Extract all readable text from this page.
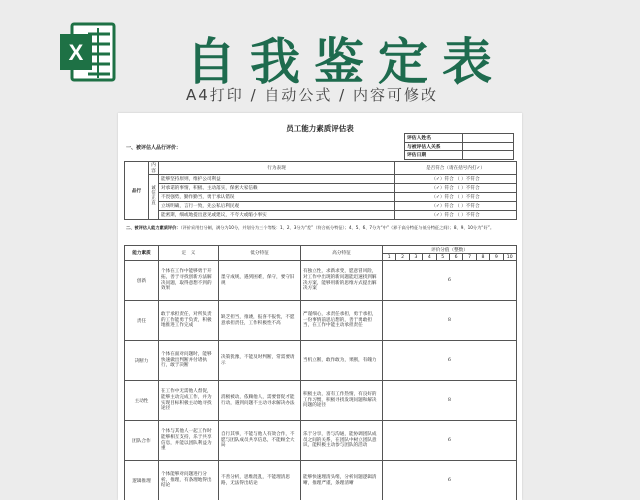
X 自我鉴定表
A4打印 / 自动公式 / 内容可修改
员工能力素质评估表
评估人姓名	
与被评估人关系	
评估日期	
一、被评估人品行评价：
品行	内容	行为表现	是否符合（请在括号内打✓）
	诚信正直	能够坚持原则，维护公司利益	（✓）符合 （ ）不符合
		对承诺的事情，积极、主动落实，保密大家信赖	（✓）符合 （ ）不符合
		不畏强势，勤作勤当，勇于承认错误	（✓）符合 （ ）不符合
		立场明确，言行一致，先公私后利民观	（✓）符合 （ ）不符合
		能密斯，细或地提出意见或建议，不夸大或缩小事实	（✓）符合 （ ）不符合
二、被评估人能力素质评价：（评价采用打分制，满分为10分，并划分为三个等级：1、2、3分为“差”（符合低分特征）；4、5、6、7分为“中”（界于高分特征与低分特征之间）；8、9、10分为“好”。
能力素质	定　义	低分特征	高分特征	评价分值（整数）									
				1	2	3	4	5	6	7	8	9	10
创新	个体在工作中能够勇于开拓，善于寻找创新方法解决问题，取得意想不到的效果	墨守成规，遇到困难，保守，要守旧规	有独立性，求新求变，愿意冒风险，对工作中出现的新问题能迅速找到解决方案，能够用新的思维方式提出解决方案	6									
责任	敢于承担责任，对所负责的工作能勇于负责，积极地推进工作完成	缺乏担当，推诿，报喜不报忧，不愿意承担责任，工作积极性不高	严谨细心，求责任承担，勇于承担，一份事情前思后想的，善于勇敢担当，在工作中能主动承担责任	8									
决断力	个体在面对问题时，能够快速做出判断并付诸执行，敢于决断	决策犹豫，不能及时判断，常需要请示	当机立断，敢作敢为，果断，有魄力	6									
主动性	在工作中无需他人督促，能够主动完成工作，并为实现目标积极主动地寻找途径	消极被动，依赖他人，需要督促才能行动，遇到问题不主动寻求解决办法	积极主动，富有工作热情，有良好的工作习惯，积极寻找发现问题和解决问题的途径	8									
团队合作	个体与其他人一起工作时能够相互支持，乐于共享信息，并能以团队利益为重	自行其事，不能与他人有效合作，不愿与团队成员共享信息，不能顾全大局	乐于分享，善与沟通，能协调团队成员之间的关系，在团队中树立团队意识，能积极主动参与团队的活动	6									
逻辑推理	个体能够对问题进行分析、推理，有条理地得出结论	不善分析，思维混乱，不能理清思路，无法得出结论	能够快速理清头绪，分析问题逻辑清晰，推理严谨，条理清晰	6									
